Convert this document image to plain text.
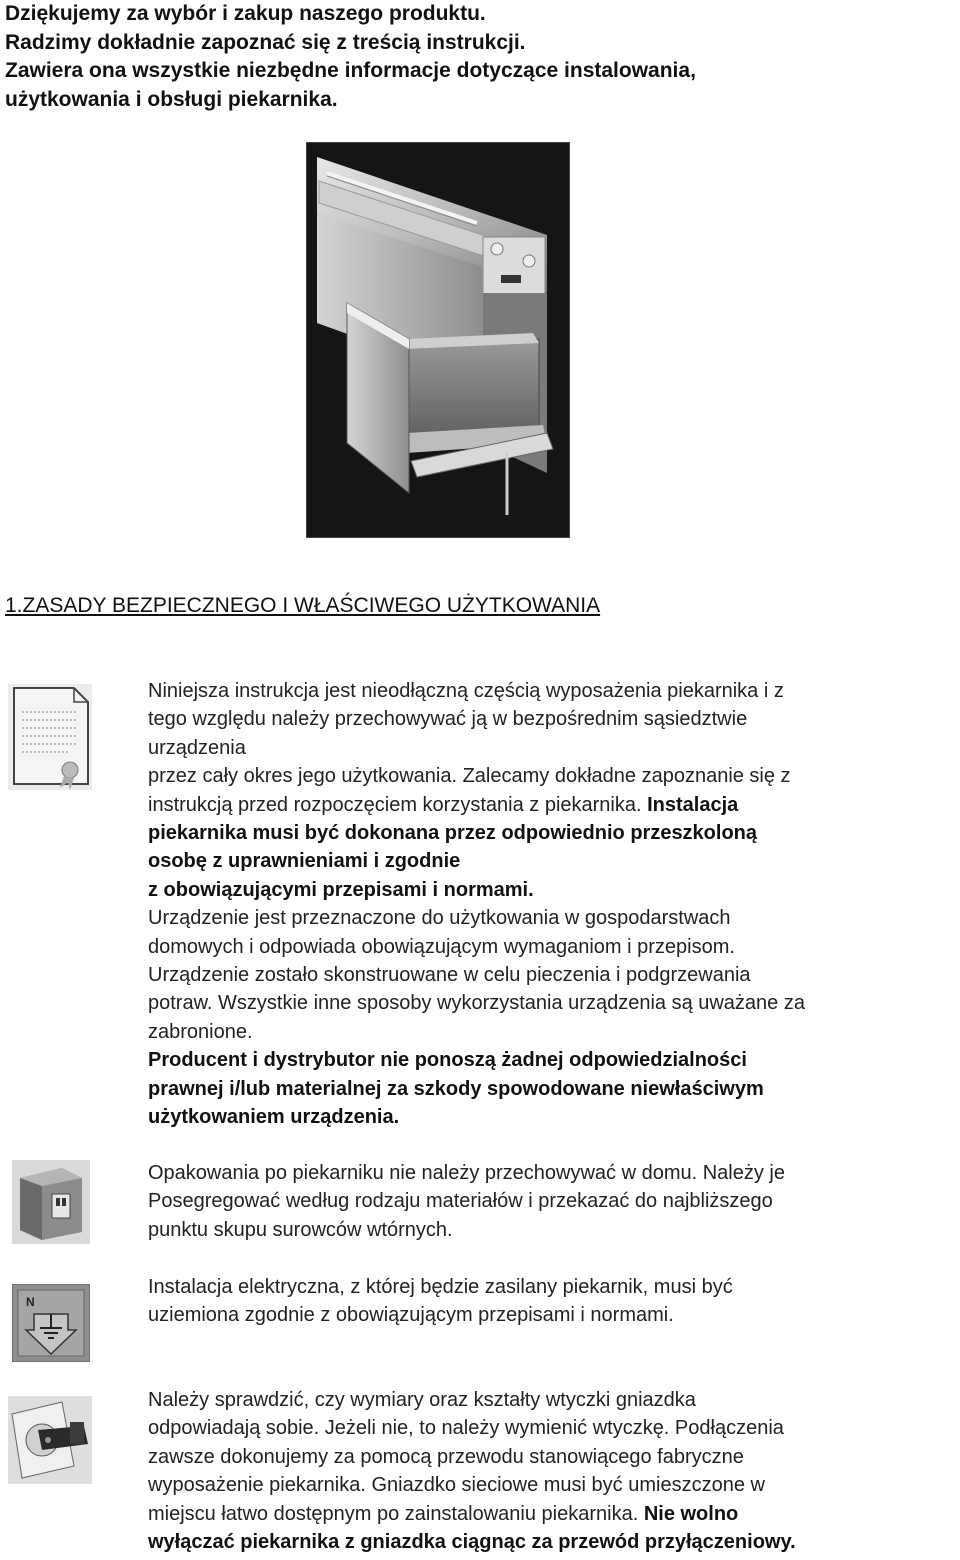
Dziękujemy za wybór i zakup naszego produktu.
Radzimy dokładnie zapoznać się z treścią instrukcji.
Zawiera ona wszystkie niezbędne informacje dotyczące instalowania,
użytkowania i obsługi piekarnika.
1.ZASADY BEZPIECZNEGO I WŁAŚCIWEGO UŻYTKOWANIA
Niniejsza instrukcja jest nieodłączną częścią wyposażenia piekarnika i z
tego względu należy przechowywać ją w bezpośrednim sąsiedztwie
urządzenia
przez cały okres jego użytkowania. Zalecamy dokładne zapoznanie się z
instrukcją przed rozpoczęciem korzystania z piekarnika. Instalacja
piekarnika musi być dokonana przez odpowiednio przeszkoloną
osobę z uprawnieniami i zgodnie
z obowiązującymi przepisami i normami.
Urządzenie jest przeznaczone do użytkowania w gospodarstwach
domowych i odpowiada obowiązującym wymaganiom i przepisom.
Urządzenie zostało skonstruowane w celu pieczenia i podgrzewania
potraw. Wszystkie inne sposoby wykorzystania urządzenia są uważane za
zabronione.
Producent i dystrybutor nie ponoszą żadnej odpowiedzialności
prawnej i/lub materialnej za szkody spowodowane niewłaściwym
użytkowaniem urządzenia.
Opakowania po piekarniku nie należy przechowywać w domu. Należy je
Posegregować według rodzaju materiałów i przekazać do najbliższego
punktu skupu surowców wtórnych.
N
Instalacja elektryczna, z której będzie zasilany piekarnik, musi być
uziemiona zgodnie z obowiązującym przepisami i normami.
Należy sprawdzić, czy wymiary oraz kształty wtyczki gniazdka
odpowiadają sobie. Jeżeli nie, to należy wymienić wtyczkę. Podłączenia
zawsze dokonujemy za pomocą przewodu stanowiącego fabryczne
wyposażenie piekarnika. Gniazdko sieciowe musi być umieszczone w
miejscu łatwo dostępnym po zainstalowaniu piekarnika. Nie wolno
wyłączać piekarnika z gniazdka ciągnąc za przewód przyłączeniowy.
